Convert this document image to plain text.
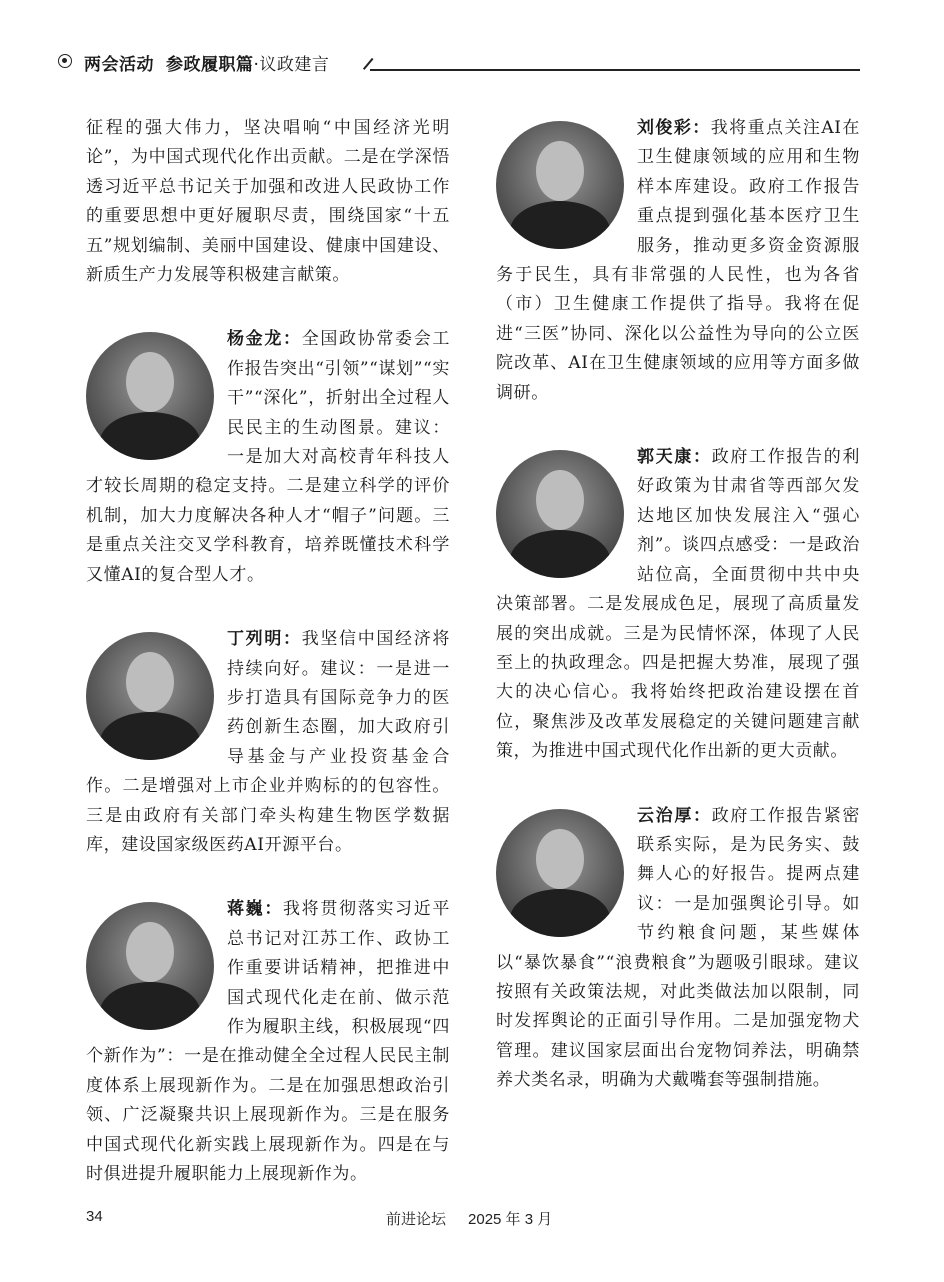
两会活动 参政履职篇·议政建言

征程的强大伟力，坚决唱响“中国经济光明论”，为中国式现代化作出贡献。二是在学深悟透习近平总书记关于加强和改进人民政协工作的重要思想中更好履职尽责，围绕国家“十五五”规划编制、美丽中国建设、健康中国建设、新质生产力发展等积极建言献策。

杨金龙：全国政协常委会工作报告突出“引领”“谋划”“实干”“深化”，折射出全过程人民民主的生动图景。建议：一是加大对高校青年科技人才较长周期的稳定支持。二是建立科学的评价机制，加大力度解决各种人才“帽子”问题。三是重点关注交叉学科教育，培养既懂技术科学又懂AI的复合型人才。

丁列明：我坚信中国经济将持续向好。建议：一是进一步打造具有国际竞争力的医药创新生态圈，加大政府引导基金与产业投资基金合作。二是增强对上市企业并购标的的包容性。三是由政府有关部门牵头构建生物医学数据库，建设国家级医药AI开源平台。

蒋巍：我将贯彻落实习近平总书记对江苏工作、政协工作重要讲话精神，把推进中国式现代化走在前、做示范作为履职主线，积极展现“四个新作为”：一是在推动健全全过程人民民主制度体系上展现新作为。二是在加强思想政治引领、广泛凝聚共识上展现新作为。三是在服务中国式现代化新实践上展现新作为。四是在与时俱进提升履职能力上展现新作为。

刘俊彩：我将重点关注AI在卫生健康领域的应用和生物样本库建设。政府工作报告重点提到强化基本医疗卫生服务，推动更多资金资源服务于民生，具有非常强的人民性，也为各省（市）卫生健康工作提供了指导。我将在促进“三医”协同、深化以公益性为导向的公立医院改革、AI在卫生健康领域的应用等方面多做调研。

郭天康：政府工作报告的利好政策为甘肃省等西部欠发达地区加快发展注入“强心剂”。谈四点感受：一是政治站位高，全面贯彻中共中央决策部署。二是发展成色足，展现了高质量发展的突出成就。三是为民情怀深，体现了人民至上的执政理念。四是把握大势准，展现了强大的决心信心。我将始终把政治建设摆在首位，聚焦涉及改革发展稳定的关键问题建言献策，为推进中国式现代化作出新的更大贡献。

云治厚：政府工作报告紧密联系实际，是为民务实、鼓舞人心的好报告。提两点建议：一是加强舆论引导。如节约粮食问题，某些媒体以“暴饮暴食”“浪费粮食”为题吸引眼球。建议按照有关政策法规，对此类做法加以限制，同时发挥舆论的正面引导作用。二是加强宠物犬管理。建议国家层面出台宠物饲养法，明确禁养犬类名录，明确为犬戴嘴套等强制措施。

34	前进论坛 2025 年 3 月
